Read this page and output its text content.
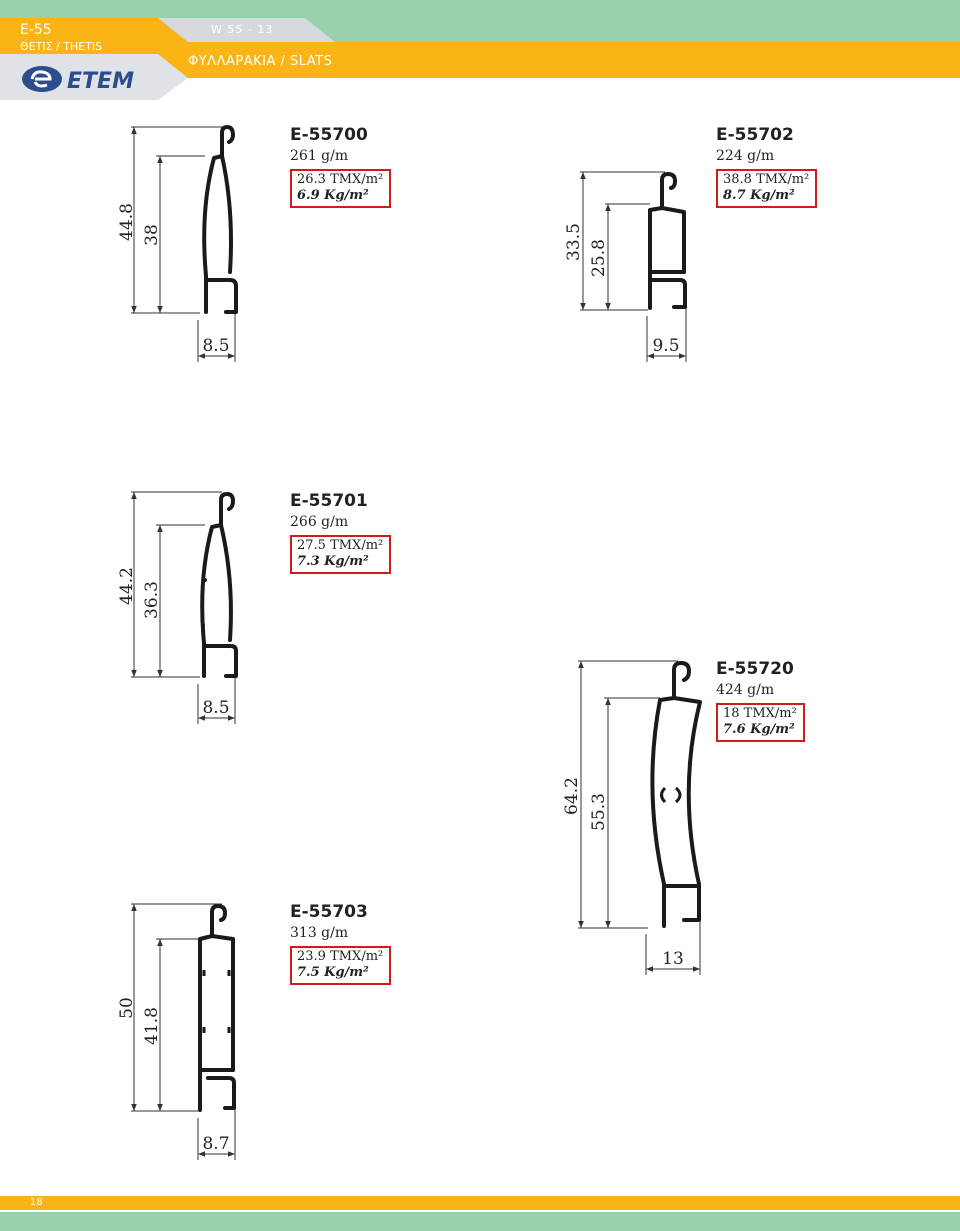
E-55
ΘΕΤΙΣ / THETIS
W 55 - 13
ΦΥΛΛΑΡΑΚΙΑ / SLATS
ETEM
E-55700
261 g/m
26.3 TMX/m²
6.9 Kg/m²
E-55702
224 g/m
38.8 TMX/m²
8.7 Kg/m²
E-55701
266 g/m
27.5 TMX/m²
7.3 Kg/m²
E-55720
424 g/m
18 TMX/m²
7.6 Kg/m²
E-55703
313 g/m
23.9 TMX/m²
7.5 Kg/m²
44.8 38
8.5
33.5 25.8
9.5
44.2 36.3
8.5
64.2 55.3
13
50 41.8
8.7
18
